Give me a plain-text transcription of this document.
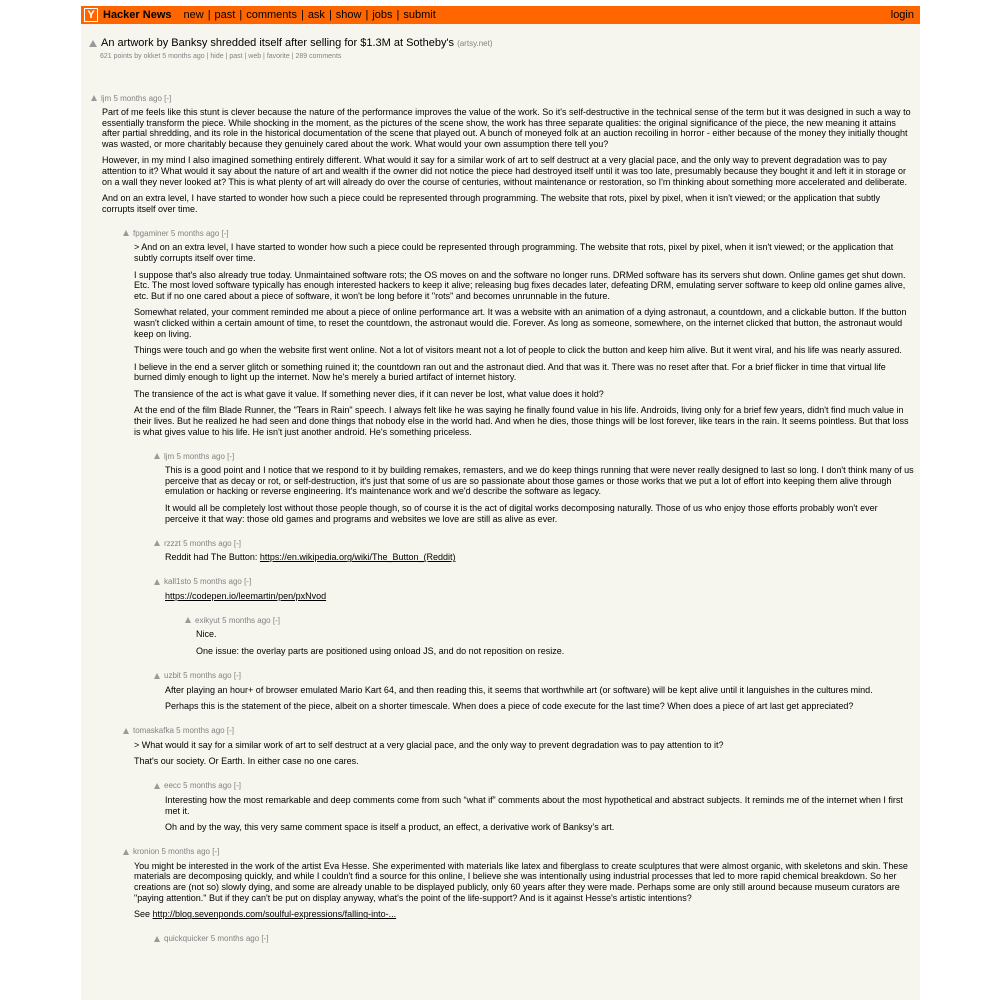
Y Hacker News new | past | comments | ask | show | jobs | submit	login
An artwork by Banksy shredded itself after selling for $1.3M at Sotheby's (artsy.net)
621 points by okket 5 months ago | hide | past | web | favorite | 289 comments
ljm
5 months ago
[-]

Part of me feels like this stunt is clever because the nature of the performance improves the value of the work. So it's self-destructive in the technical sense of the term but it was designed in such a way to essentially transform the piece. While shocking in the moment, as the pictures of the scene show, the work has three separate qualities: the original significance of the piece, the new meaning it attains after partial shredding, and its role in the historical documentation of the scene that played out. A bunch of moneyed folk at an auction recoiling in horror - either because of the money they initially thought was wasted, or more charitably because they genuinely cared about the work. What would your own assumption there tell you?

However, in my mind I also imagined something entirely different. What would it say for a similar work of art to self destruct at a very glacial pace, and the only way to prevent degradation was to pay attention to it? What would it say about the nature of art and wealth if the owner did not notice the piece had destroyed itself until it was too late, presumably because they bought it and left it in storage or on a wall they never looked at? This is what plenty of art will already do over the course of centuries, without maintenance or restoration, so I'm thinking about something more accelerated and deliberate.

And on an extra level, I have started to wonder how such a piece could be represented through programming. The website that rots, pixel by pixel, when it isn't viewed; or the application that subtly corrupts itself over time.

fpgaminer
5 months ago
[-]

> And on an extra level, I have started to wonder how such a piece could be represented through programming. The website that rots, pixel by pixel, when it isn't viewed; or the application that subtly corrupts itself over time.

I suppose that's also already true today. Unmaintained software rots; the OS moves on and the software no longer runs. DRMed software has its servers shut down. Online games get shut down. Etc. The most loved software typically has enough interested hackers to keep it alive; releasing bug fixes decades later, defeating DRM, emulating server software to keep old online games alive, etc. But if no one cared about a piece of software, it won't be long before it "rots" and becomes unrunnable in the future.

Somewhat related, your comment reminded me about a piece of online performance art. It was a website with an animation of a dying astronaut, a countdown, and a clickable button. If the button wasn't clicked within a certain amount of time, to reset the countdown, the astronaut would die. Forever. As long as someone, somewhere, on the internet clicked that button, the astronaut would keep on living.

Things were touch and go when the website first went online. Not a lot of visitors meant not a lot of people to click the button and keep him alive. But it went viral, and his life was nearly assured.

I believe in the end a server glitch or something ruined it; the countdown ran out and the astronaut died. And that was it. There was no reset after that. For a brief flicker in time that virtual life burned dimly enough to light up the internet. Now he's merely a buried artifact of internet history.

The transience of the act is what gave it value. If something never dies, if it can never be lost, what value does it hold?

At the end of the film Blade Runner, the "Tears in Rain" speech. I always felt like he was saying he finally found value in his life. Androids, living only for a brief few years, didn't find much value in their lives. But he realized he had seen and done things that nobody else in the world had. And when he dies, those things will be lost forever, like tears in the rain. It seems pointless. But that loss is what gives value to his life. He isn't just another android. He's something priceless.

ljm
5 months ago
[-]

This is a good point and I notice that we respond to it by building remakes, remasters, and we do keep things running that were never really designed to last so long. I don't think many of us perceive that as decay or rot, or self-destruction, it's just that some of us are so passionate about those games or those works that we put a lot of effort into keeping them alive through emulation or hacking or reverse engineering. It's maintenance work and we'd describe the software as legacy.

It would all be completely lost without those people though, so of course it is the act of digital works decomposing naturally. Those of us who enjoy those efforts probably won't ever perceive it that way: those old games and programs and websites we love are still as alive as ever.

rzzzt
5 months ago
[-]

Reddit had The Button: https://en.wikipedia.org/wiki/The_Button_(Reddit)

kall1sto
5 months ago
[-]

https://codepen.io/leemartin/pen/pxNvod

exikyut
5 months ago
[-]

Nice.

One issue: the overlay parts are positioned using onload JS, and do not reposition on resize.

uzbit
5 months ago
[-]

After playing an hour+ of browser emulated Mario Kart 64, and then reading this, it seems that worthwhile art (or software) will be kept alive until it languishes in the cultures mind.

Perhaps this is the statement of the piece, albeit on a shorter timescale. When does a piece of code execute for the last time? When does a piece of art last get appreciated?

tomaskafka
5 months ago
[-]

> What would it say for a similar work of art to self destruct at a very glacial pace, and the only way to prevent degradation was to pay attention to it?

That's our society. Or Earth. In either case no one cares.

eecc
5 months ago
[-]

Interesting how the most remarkable and deep comments come from such “what if” comments about the most hypothetical and abstract subjects. It reminds me of the internet when I first met it.

Oh and by the way, this very same comment space is itself a product, an effect, a derivative work of Banksy’s art.

kronion
5 months ago
[-]

You might be interested in the work of the artist Eva Hesse. She experimented with materials like latex and fiberglass to create sculptures that were almost organic, with skeletons and skin. These materials are decomposing quickly, and while I couldn't find a source for this online, I believe she was intentionally using industrial processes that led to more rapid chemical breakdown. So her creations are (not so) slowly dying, and some are already unable to be displayed publicly, only 60 years after they were made. Perhaps some are only still around because museum curators are "paying attention." But if they can't be put on display anyway, what's the point of the life-support? And is it against Hesse's artistic intentions?

See http://blog.sevenponds.com/soulful-expressions/falling-into-...

quickquicker
5 months ago
[-]
